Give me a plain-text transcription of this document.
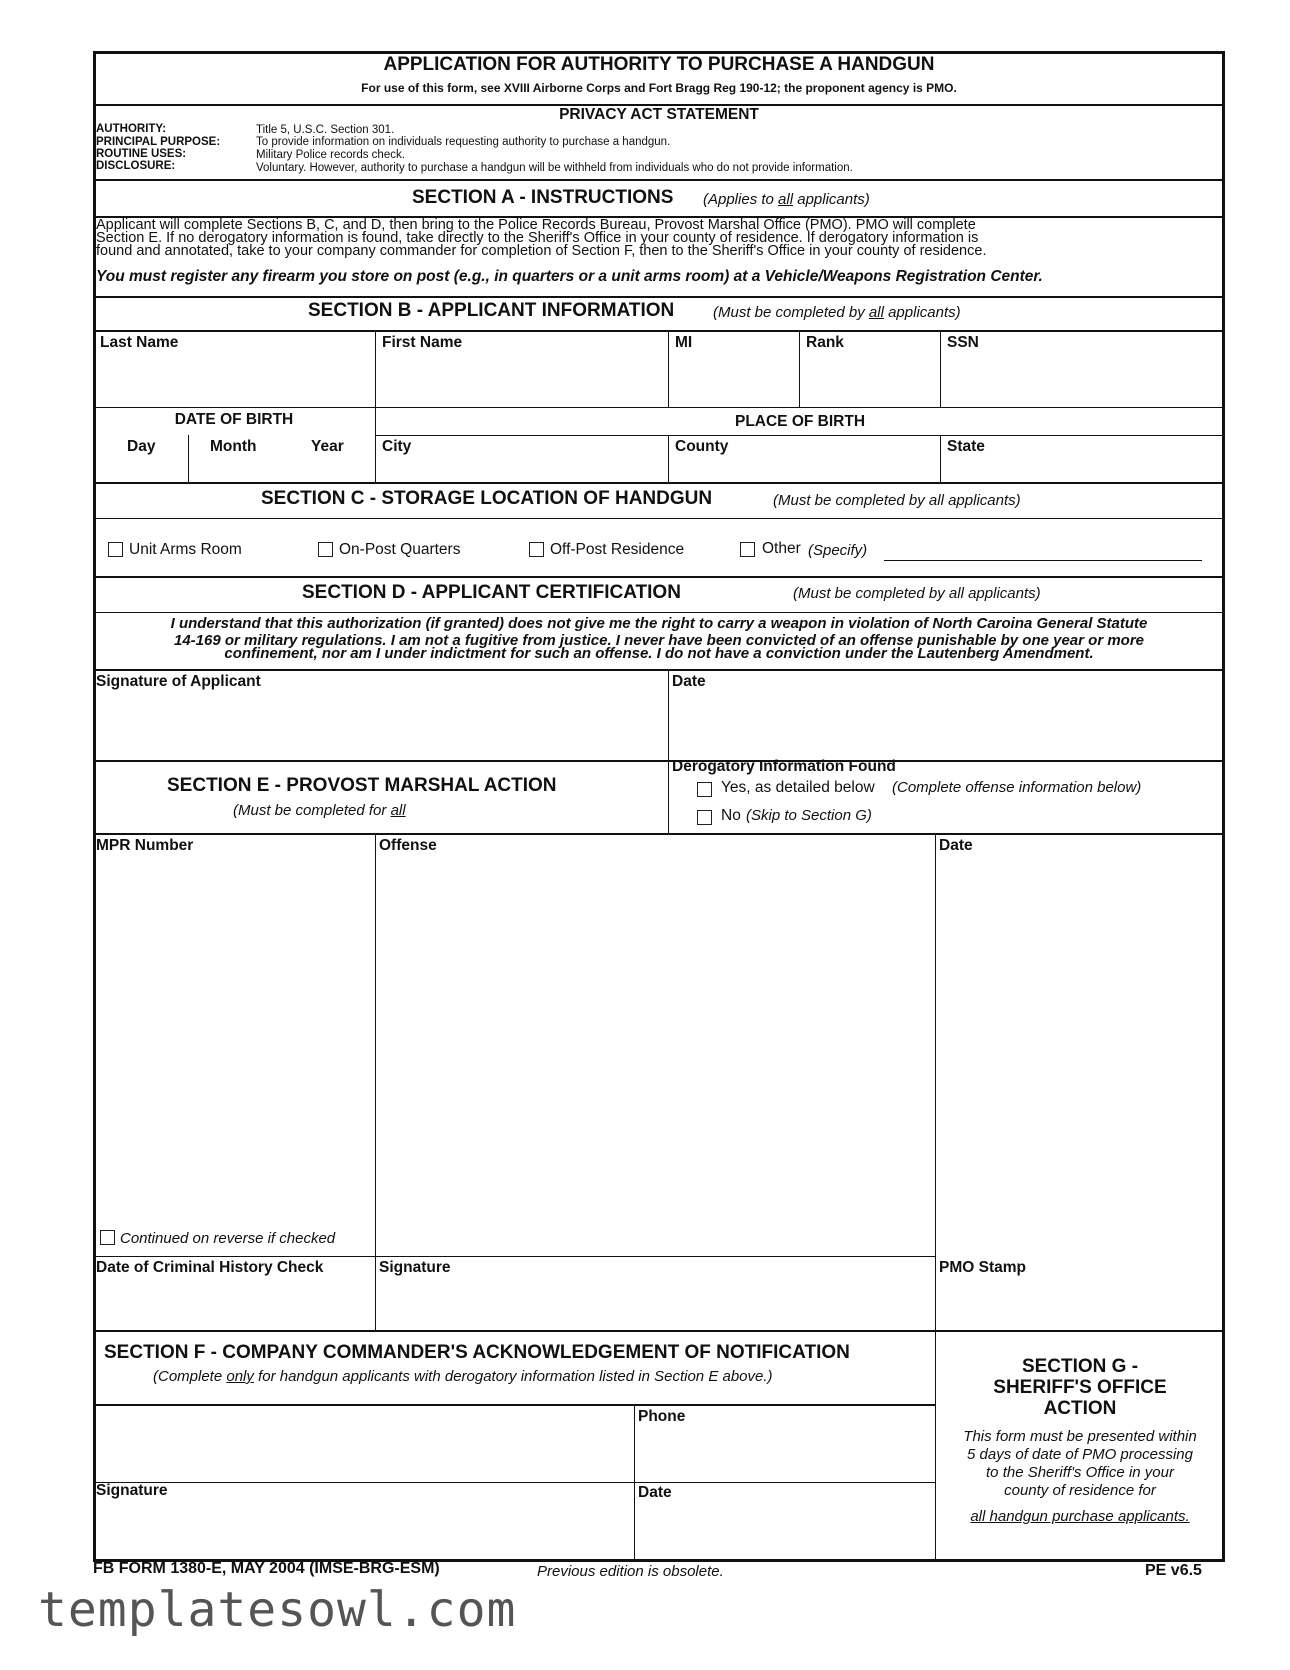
APPLICATION FOR AUTHORITY TO PURCHASE A HANDGUN
For use of this form, see XVIII Airborne Corps and Fort Bragg Reg 190-12; the proponent agency is PMO.
PRIVACY ACT STATEMENT
AUTHORITY:	Title 5, U.S.C. Section 301.
PRINCIPAL PURPOSE:	To provide information on individuals requesting authority to purchase a handgun.
ROUTINE USES:	Military Police records check.
DISCLOSURE:	Voluntary. However, authority to purchase a handgun will be withheld from individuals who do not provide information.
SECTION A - INSTRUCTIONS (Applies to all applicants)
Applicant will complete Sections B, C, and D, then bring to the Police Records Bureau, Provost Marshal Office (PMO). PMO will complete
Section E. If no derogatory information is found, take directly to the Sheriff's Office in your county of residence. If derogatory information is
found and annotated, take to your company commander for completion of Section F, then to the Sheriff's Office in your county of residence.
You must register any firearm you store on post (e.g., in quarters or a unit arms room) at a Vehicle/Weapons Registration Center.
SECTION B - APPLICANT INFORMATION	(Must be completed by all applicants)
Last Name	First Name	MI	Rank	SSN
DATE OF BIRTH	PLACE OF BIRTH
Day	Month	Year City	County	State
SECTION C - STORAGE LOCATION OF HANDGUN	(Must be completed by all applicants)
Unit Arms Room	On-Post Quarters	Off-Post Residence	Other (Specify)
SECTION D - APPLICANT CERTIFICATION	(Must be completed by all applicants)
I understand that this authorization (if granted) does not give me the right to carry a weapon in violation of North Caroina General Statute
14-169 or military regulations. I am not a fugitive from justice. I never have been convicted of an offense punishable by one year or more
confinement, nor am I under indictment for such an offense. I do not have a conviction under the Lautenberg Amendment.
Signature of Applicant	Date
SECTION E - PROVOST MARSHAL ACTION
(Must be completed for all
Derogatory Information Found
Yes, as detailed below (Complete offense information below)
No (Skip to Section G)
MPR Number	Offense	Date
Continued on reverse if checked
Date of Criminal History Check	Signature	PMO Stamp
SECTION F - COMPANY COMMANDER'S ACKNOWLEDGEMENT OF NOTIFICATION
(Complete only for handgun applicants with derogatory information listed in Section E above.)
Phone
Signature	Date
SECTION G -
SHERIFF'S OFFICE
ACTION
This form must be presented within
5 days of date of PMO processing
to the Sheriff's Office in your
county of residence for
all handgun purchase applicants.
FB FORM 1380-E, MAY 2004 (IMSE-BRG-ESM)	Previous edition is obsolete.	PE v6.5
templatesowl.com
